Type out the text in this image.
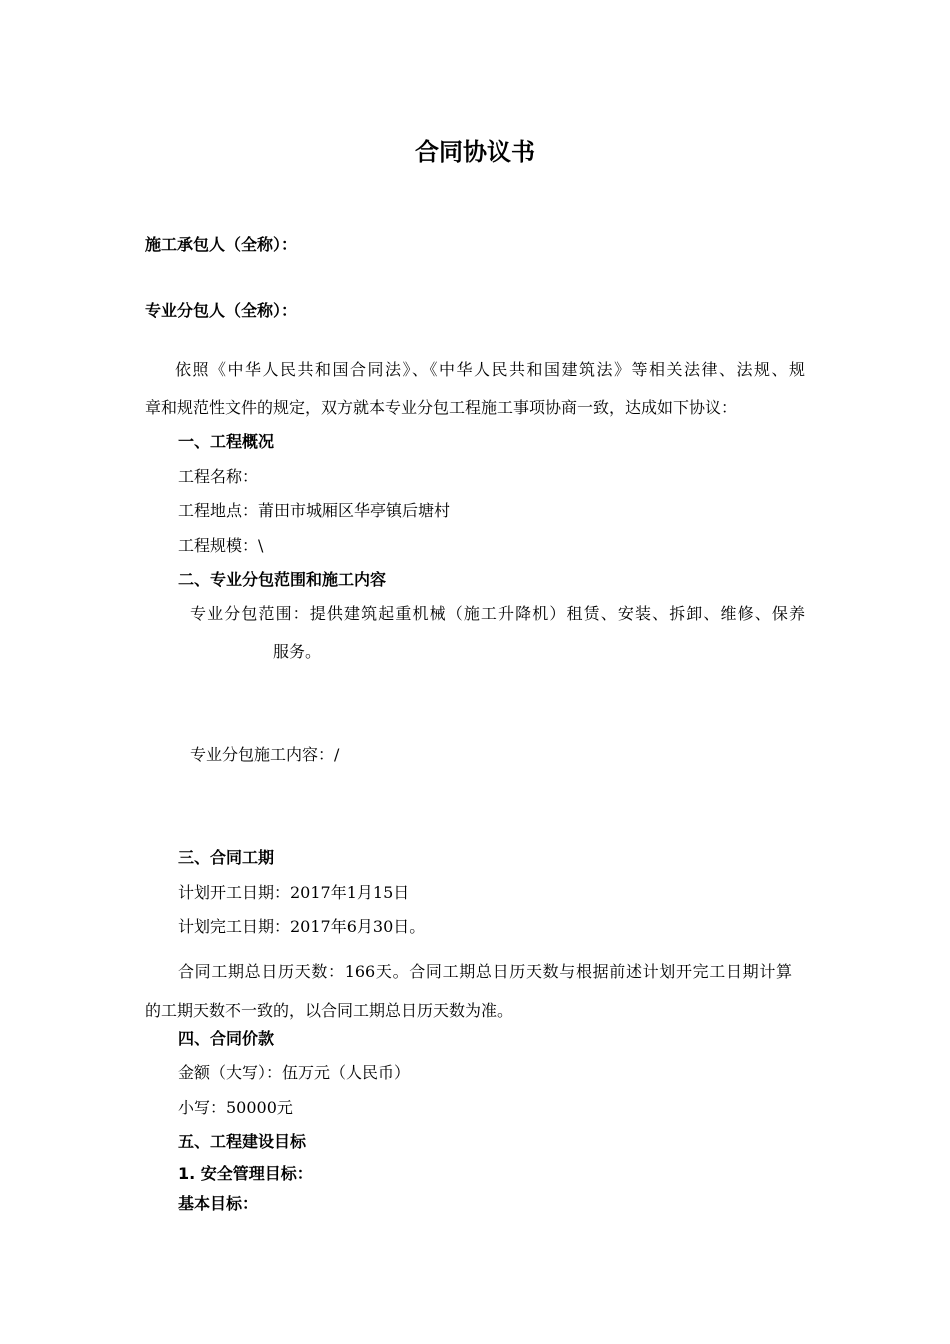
合同协议书
施工承包人（全称）：
专业分包人（全称）：
依照《中华人民共和国合同法》、《中华人民共和国建筑法》等相关法律、法规、规
章和规范性文件的规定，双方就本专业分包工程施工事项协商一致，达成如下协议：
一、工程概况
工程名称：
工程地点：莆田市城厢区华亭镇后塘村
工程规模：\
二、专业分包范围和施工内容
专业分包范围：提供建筑起重机械（施工升降机）租赁、安装、拆卸、维修、保养
服务。
专业分包施工内容：/
三、合同工期
计划开工日期：2017年1月15日
计划完工日期：2017年6月30日。
合同工期总日历天数：166天。合同工期总日历天数与根据前述计划开完工日期计算
的工期天数不一致的，以合同工期总日历天数为准。
四、合同价款
金额（大写）：伍万元（人民币）
小写：50000元
五、工程建设目标
1. 安全管理目标：
基本目标：
